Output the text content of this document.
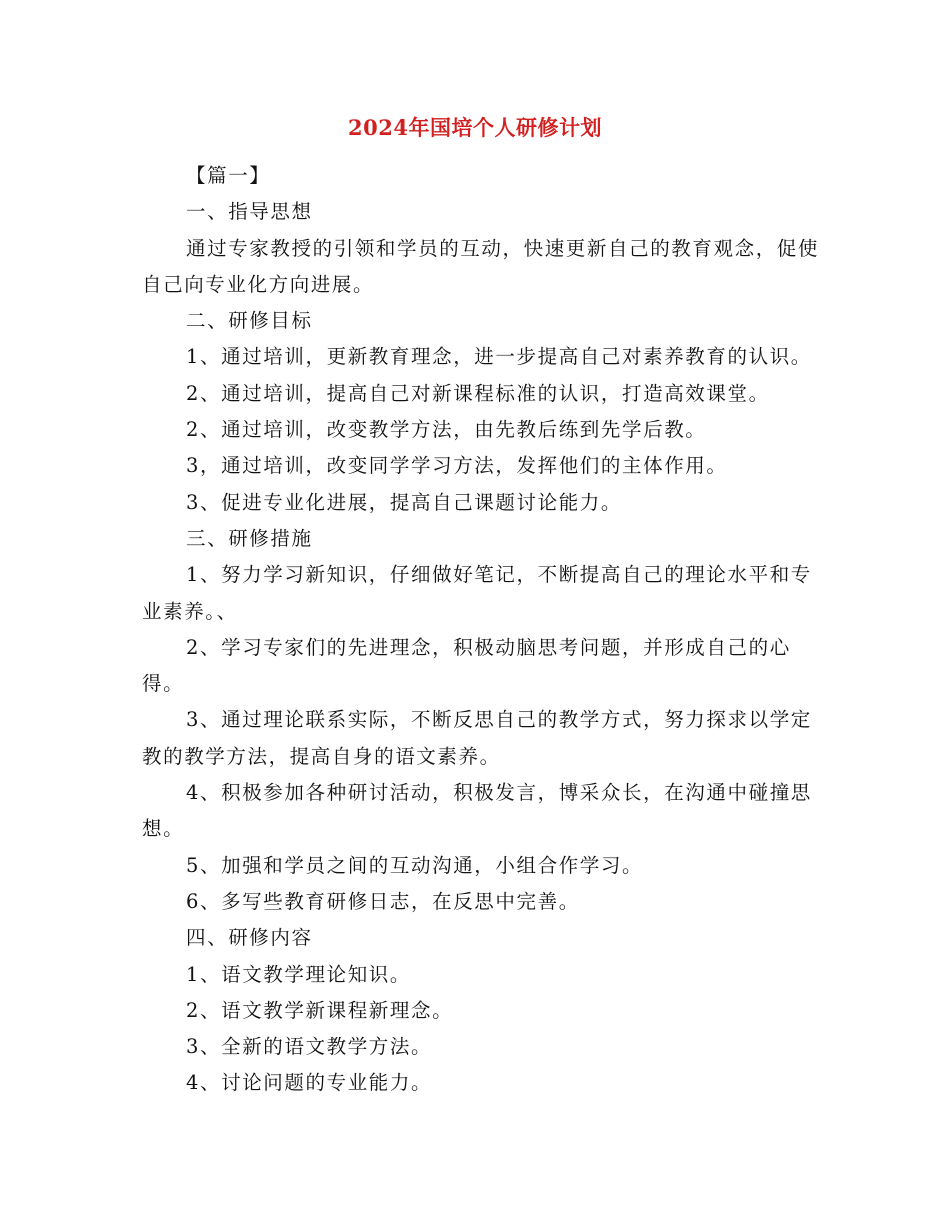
2024年国培个人研修计划

【篇一】

一、指导思想

通过专家教授的引领和学员的互动，快速更新自己的教育观念，促使自己向专业化方向进展。

二、研修目标

1、通过培训，更新教育理念，进一步提高自己对素养教育的认识。

2、通过培训，提高自己对新课程标准的认识，打造高效课堂。

2、通过培训，改变教学方法，由先教后练到先学后教。

3，通过培训，改变同学学习方法，发挥他们的主体作用。

3、促进专业化进展，提高自己课题讨论能力。

三、研修措施

1、努力学习新知识，仔细做好笔记，不断提高自己的理论水平和专业素养。、

2、学习专家们的先进理念，积极动脑思考问题，并形成自己的心得。

3、通过理论联系实际，不断反思自己的教学方式，努力探求以学定教的教学方法，提高自身的语文素养。

4、积极参加各种研讨活动，积极发言，博采众长，在沟通中碰撞思想。

5、加强和学员之间的互动沟通，小组合作学习。

6、多写些教育研修日志，在反思中完善。

四、研修内容

1、语文教学理论知识。

2、语文教学新课程新理念。

3、全新的语文教学方法。

4、讨论问题的专业能力。
